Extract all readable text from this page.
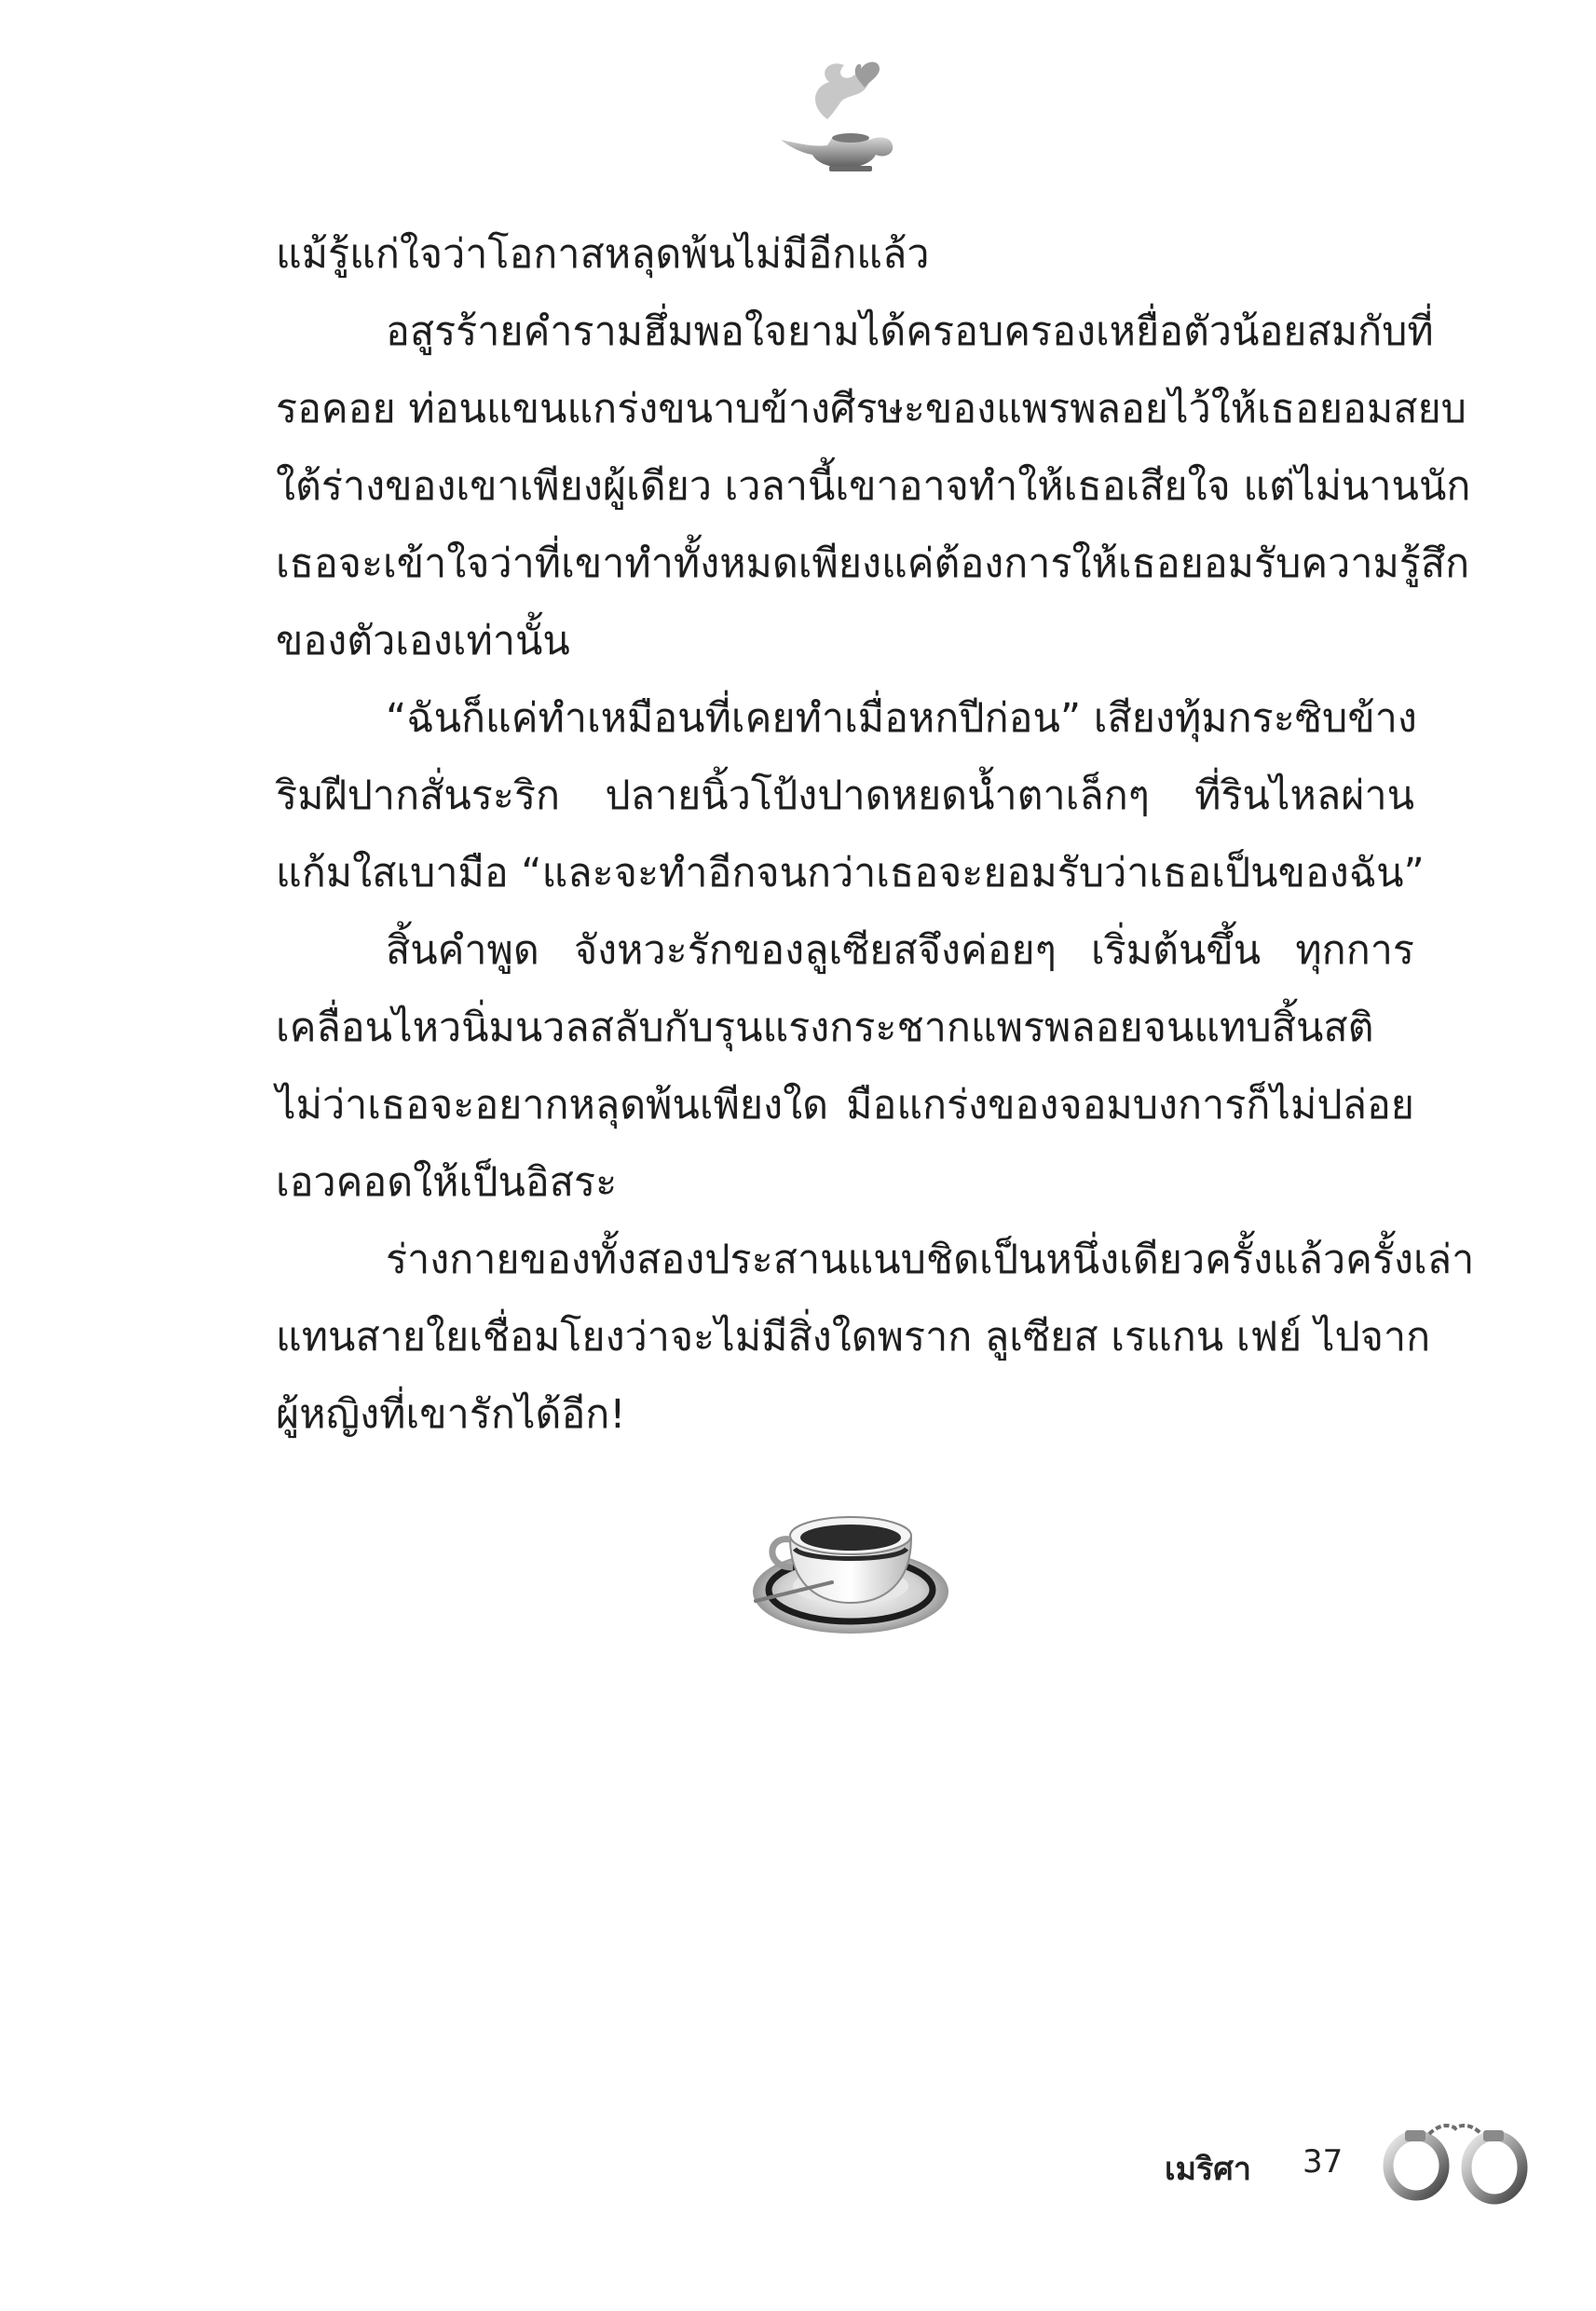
แม้รู้แก่ใจว่าโอกาสหลุดพ้นไม่มีอีกแล้ว
อสูรร้ายคำรามฮึ่มพอใจยามได้ครอบครองเหยื่อตัวน้อยสมกับที่
รอคอย ท่อนแขนแกร่งขนาบข้างศีรษะของแพรพลอยไว้ให้เธอยอมสยบ
ใต้ร่างของเขาเพียงผู้เดียว เวลานี้เขาอาจทำให้เธอเสียใจ แต่ไม่นานนัก
เธอจะเข้าใจว่าที่เขาทำทั้งหมดเพียงแค่ต้องการให้เธอยอมรับความรู้สึก
ของตัวเองเท่านั้น
“ฉันก็แค่ทำเหมือนที่เคยทำเมื่อหกปีก่อน” เสียงทุ้มกระซิบข้าง
ริมฝีปากสั่นระริก ปลายนิ้วโป้งปาดหยดน้ำตาเล็กๆ ที่รินไหลผ่าน
แก้มใสเบามือ “และจะทำอีกจนกว่าเธอจะยอมรับว่าเธอเป็นของฉัน”
สิ้นคำพูด จังหวะรักของลูเซียสจึงค่อยๆ เริ่มต้นขึ้น ทุกการ
เคลื่อนไหวนิ่มนวลสลับกับรุนแรงกระชากแพรพลอยจนแทบสิ้นสติ
ไม่ว่าเธอจะอยากหลุดพ้นเพียงใด มือแกร่งของจอมบงการก็ไม่ปล่อย
เอวคอดให้เป็นอิสระ
ร่างกายของทั้งสองประสานแนบชิดเป็นหนึ่งเดียวครั้งแล้วครั้งเล่า
แทนสายใยเชื่อมโยงว่าจะไม่มีสิ่งใดพราก ลูเซียส เรแกน เฟย์ ไปจาก
ผู้หญิงที่เขารักได้อีก!
เมริศา 37
